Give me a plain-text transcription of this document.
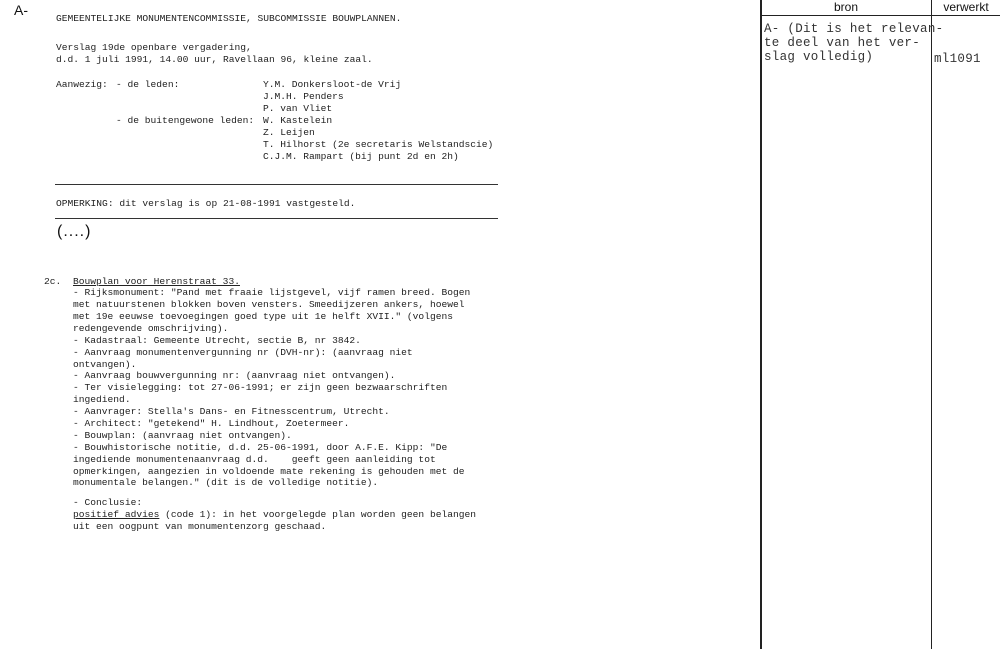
A-
GEMEENTELIJKE MONUMENTENCOMMISSIE, SUBCOMMISSIE BOUWPLANNEN.
Verslag 19de openbare vergadering,
d.d. 1 juli 1991, 14.00 uur, Ravellaan 96, kleine zaal.
Aanwezig: - de leden:	Y.M. Donkersloot-de Vrij
J.M.H. Penders
P. van Vliet
- de buitengewone leden: W. Kastelein
Z. Leijen
T. Hilhorst (2e secretaris Welstandscie)
C.J.M. Rampart (bij punt 2d en 2h)
OPMERKING: dit verslag is op 21-08-1991 vastgesteld.
(....)
2c. Bouwplan voor Herenstraat 33.
- Rijksmonument: "Pand met fraaie lijstgevel, vijf ramen breed. Bogen
met natuurstenen blokken boven vensters. Smeedijzeren ankers, hoewel
met 19e eeuwse toevoegingen goed type uit 1e helft XVII." (volgens
redengevende omschrijving).
- Kadastraal: Gemeente Utrecht, sectie B, nr 3842.
- Aanvraag monumentenvergunning nr (DVH-nr): (aanvraag niet
ontvangen).
- Aanvraag bouwvergunning nr: (aanvraag niet ontvangen).
- Ter visielegging: tot 27-06-1991; er zijn geen bezwaarschriften
ingediend.
- Aanvrager: Stella's Dans- en Fitnesscentrum, Utrecht.
- Architect: "getekend" H. Lindhout, Zoetermeer.
- Bouwplan: (aanvraag niet ontvangen).
- Bouwhistorische notitie, d.d. 25-06-1991, door A.F.E. Kipp: "De
ingediende monumentenaanvraag d.d.    geeft geen aanleiding tot
opmerkingen, aangezien in voldoende mate rekening is gehouden met de
monumentale belangen." (dit is de volledige notitie).
- Conclusie:
positief advies (code 1): in het voorgelegde plan worden geen belangen
uit een oogpunt van monumentenzorg geschaad.
bron	verwerkt
A- (Dit is het relevan-
te deel van het ver-
slag volledig)	ml1091
